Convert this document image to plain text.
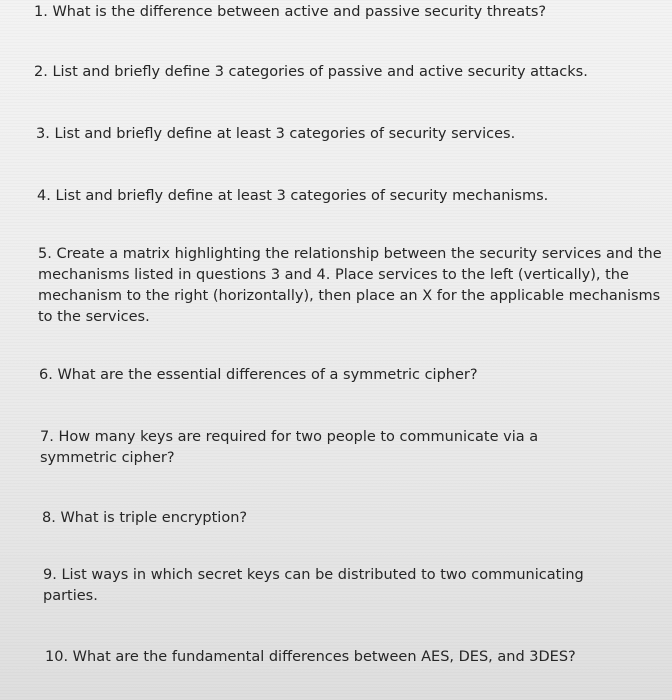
1. What is the difference between active and passive security threats?

2. List and briefly define 3 categories of passive and active security attacks.

3. List and briefly define at least 3 categories of security services.

4. List and briefly define at least 3 categories of security mechanisms.

5. Create a matrix highlighting the relationship between the security services and the mechanisms listed in questions 3 and 4. Place services to the left (vertically), the mechanism to the right (horizontally), then place an X for the applicable mechanisms to the services.

6. What are the essential differences of a symmetric cipher?

7. How many keys are required for two people to communicate via a symmetric cipher?

8. What is triple encryption?

9. List ways in which secret keys can be distributed to two communicating parties.

10. What are the fundamental differences between AES, DES, and 3DES?
